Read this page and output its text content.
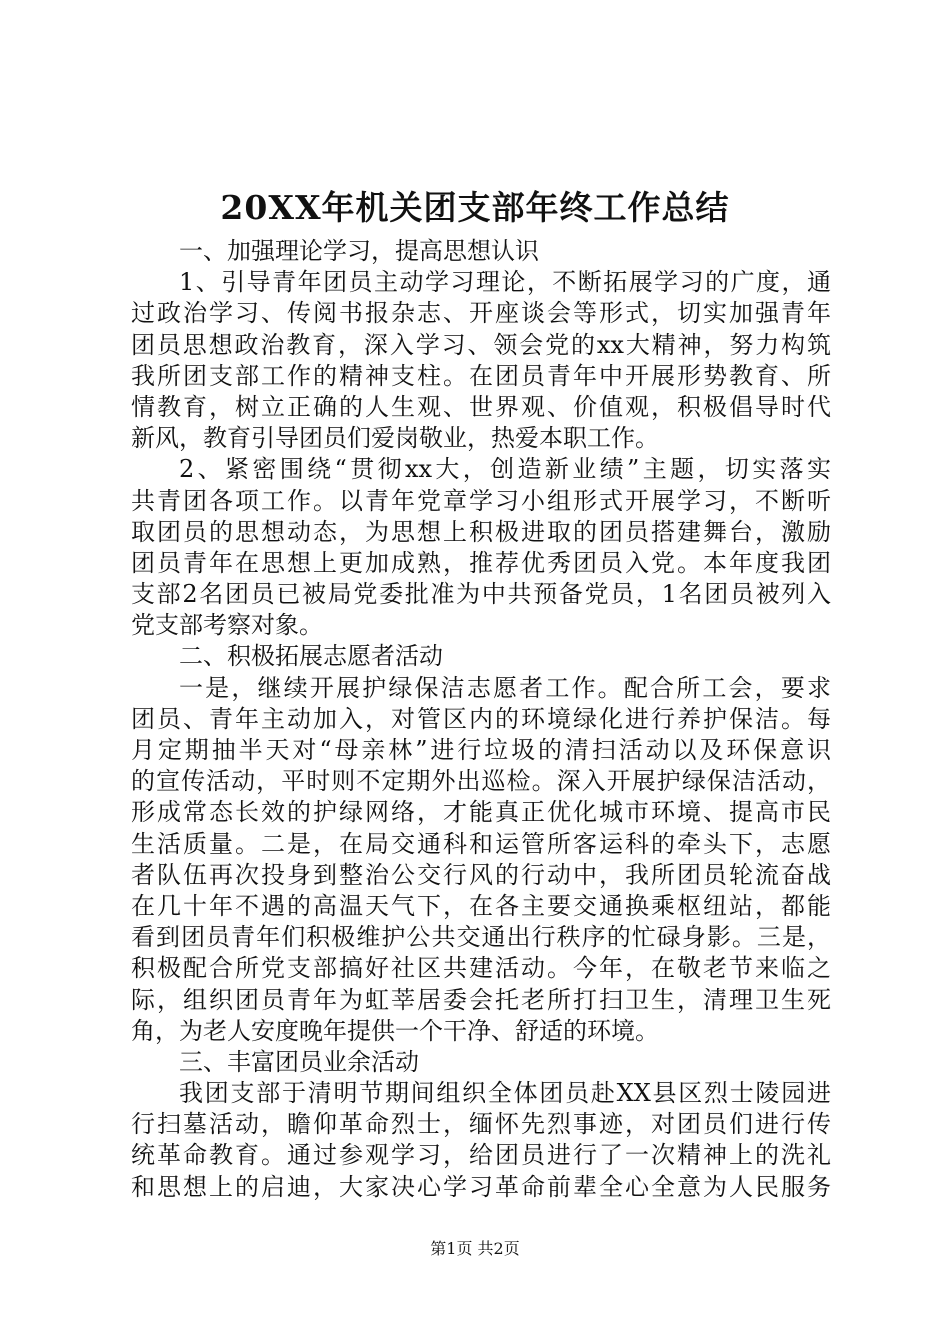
20XX年机关团支部年终工作总结
一、加强理论学习，提高思想认识
1、引导青年团员主动学习理论，不断拓展学习的广度，通
过政治学习、传阅书报杂志、开座谈会等形式，切实加强青年
团员思想政治教育，深入学习、领会党的xx大精神，努力构筑
我所团支部工作的精神支柱。在团员青年中开展形势教育、所
情教育，树立正确的人生观、世界观、价值观，积极倡导时代
新风，教育引导团员们爱岗敬业，热爱本职工作。
2、紧密围绕“贯彻xx大，创造新业绩”主题，切实落实
共青团各项工作。以青年党章学习小组形式开展学习，不断听
取团员的思想动态，为思想上积极进取的团员搭建舞台，激励
团员青年在思想上更加成熟，推荐优秀团员入党。本年度我团
支部2名团员已被局党委批准为中共预备党员，1名团员被列入
党支部考察对象。
二、积极拓展志愿者活动
一是，继续开展护绿保洁志愿者工作。配合所工会，要求
团员、青年主动加入，对管区内的环境绿化进行养护保洁。每
月定期抽半天对“母亲林”进行垃圾的清扫活动以及环保意识
的宣传活动，平时则不定期外出巡检。深入开展护绿保洁活动，
形成常态长效的护绿网络，才能真正优化城市环境、提高市民
生活质量。二是，在局交通科和运管所客运科的牵头下，志愿
者队伍再次投身到整治公交行风的行动中，我所团员轮流奋战
在几十年不遇的高温天气下，在各主要交通换乘枢纽站，都能
看到团员青年们积极维护公共交通出行秩序的忙碌身影。三是，
积极配合所党支部搞好社区共建活动。今年，在敬老节来临之
际，组织团员青年为虹莘居委会托老所打扫卫生，清理卫生死
角，为老人安度晚年提供一个干净、舒适的环境。
三、丰富团员业余活动
我团支部于清明节期间组织全体团员赴XX县区烈士陵园进
行扫墓活动，瞻仰革命烈士，缅怀先烈事迹，对团员们进行传
统革命教育。通过参观学习，给团员进行了一次精神上的洗礼
和思想上的启迪，大家决心学习革命前辈全心全意为人民服务
第1页 共2页
